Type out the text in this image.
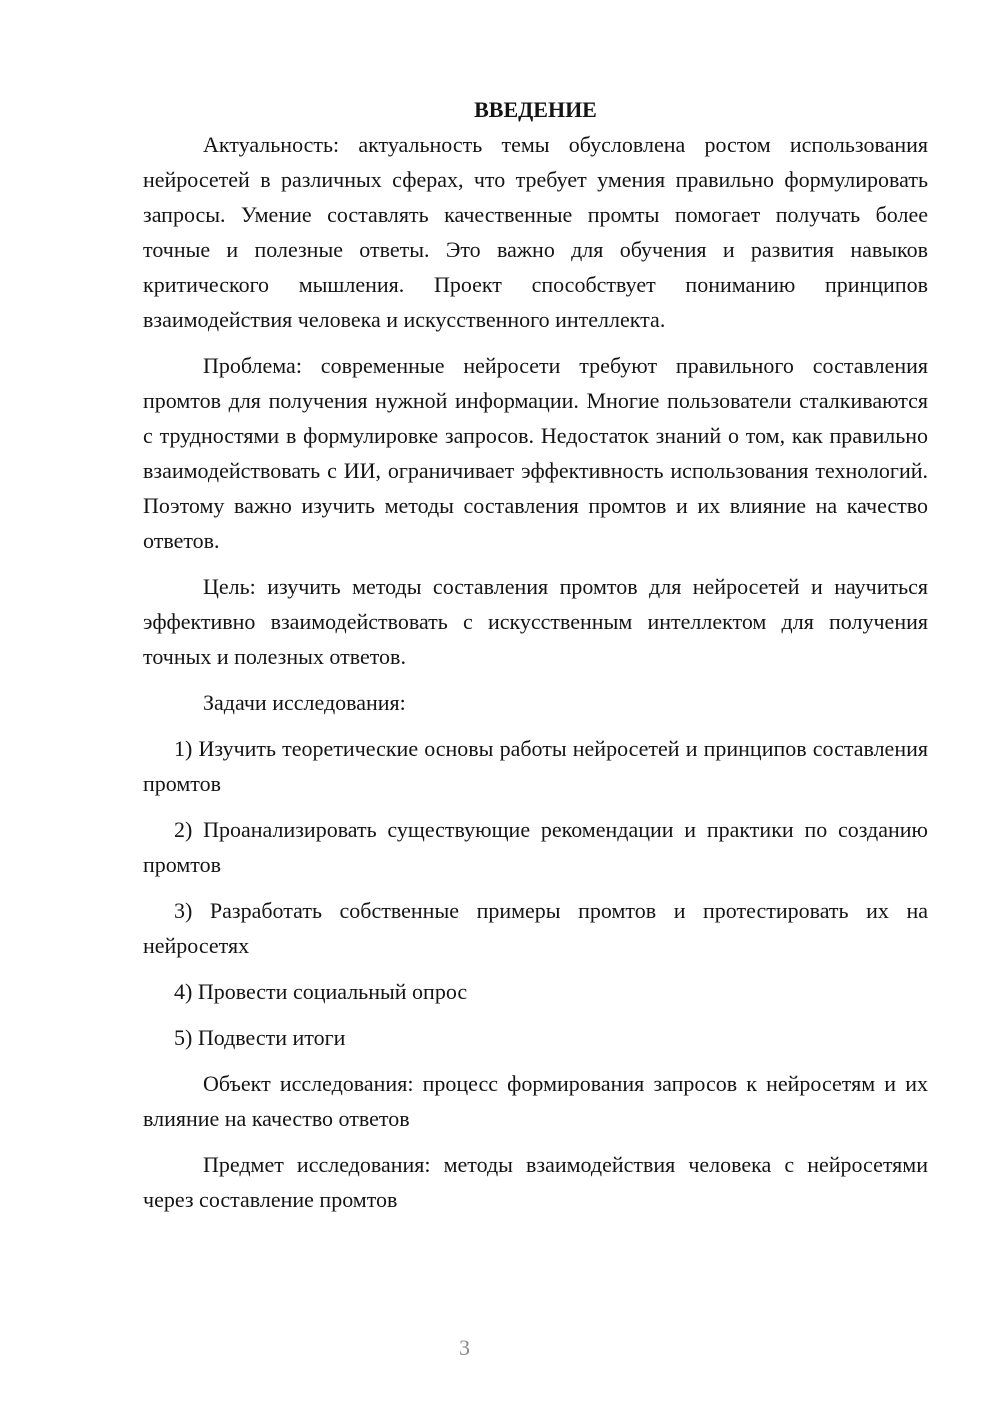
ВВЕДЕНИЕ

Актуальность: актуальность темы обусловлена ростом использования нейросетей в различных сферах, что требует умения правильно формулировать запросы. Умение составлять качественные промты помогает получать более точные и полезные ответы. Это важно для обучения и развития навыков критического мышления. Проект способствует пониманию принципов взаимодействия человека и искусственного интеллекта.

Проблема: современные нейросети требуют правильного составления промтов для получения нужной информации. Многие пользователи сталкиваются с трудностями в формулировке запросов. Недостаток знаний о том, как правильно взаимодействовать с ИИ, ограничивает эффективность использования технологий. Поэтому важно изучить методы составления промтов и их влияние на качество ответов.

Цель: изучить методы составления промтов для нейросетей и научиться эффективно взаимодействовать с искусственным интеллектом для получения точных и полезных ответов.

Задачи исследования:

1) Изучить теоретические основы работы нейросетей и принципов составления промтов

2) Проанализировать существующие рекомендации и практики по созданию промтов

3) Разработать собственные примеры промтов и протестировать их на нейросетях

4) Провести социальный опрос

5) Подвести итоги

Объект исследования: процесс формирования запросов к нейросетям и их влияние на качество ответов

Предмет исследования: методы взаимодействия человека с нейросетями через составление промтов

3
